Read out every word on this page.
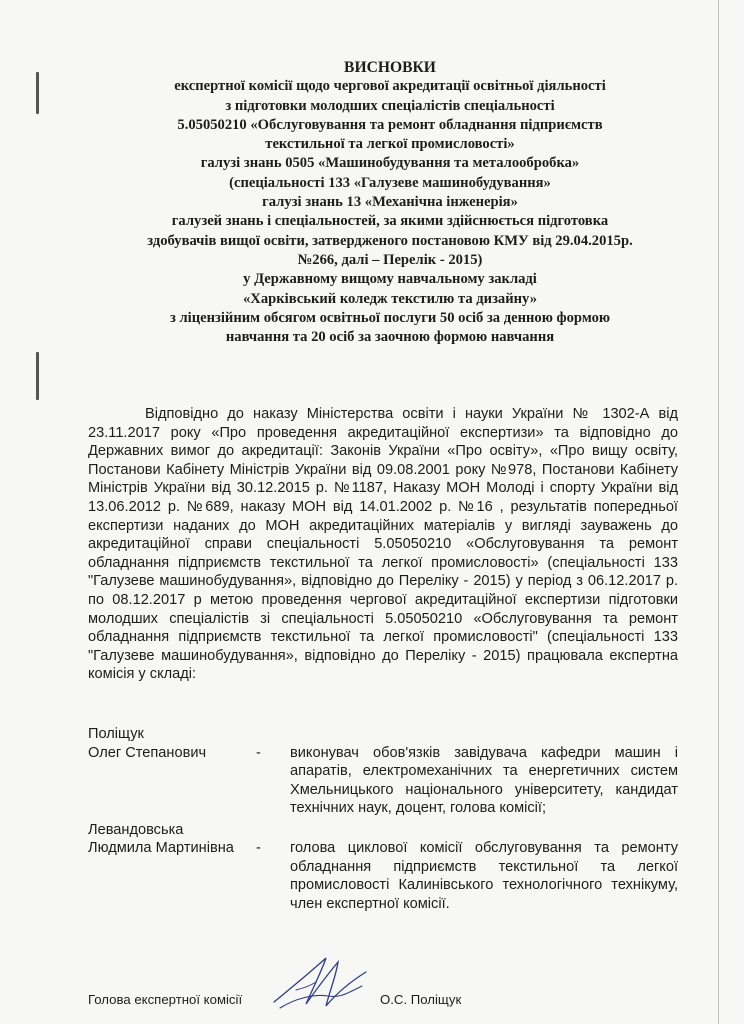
ВИСНОВКИ
експертної комісії щодо чергової акредитації освітньої діяльності
з підготовки молодших спеціалістів спеціальності
5.05050210 «Обслуговування та ремонт обладнання підприємств
текстильної та легкої промисловості»
галузі знань 0505 «Машинобудування та металообробка»
(спеціальності 133 «Галузеве машинобудування»
галузі знань 13 «Механічна інженерія»
галузей знань і спеціальностей, за якими здійснюється підготовка
здобувачів вищої освіти, затвердженого постановою КМУ від 29.04.2015р.
№266, далі – Перелік - 2015)
у Державному вищому навчальному закладі
«Харківський коледж текстилю та дизайну»
з ліцензійним обсягом освітньої послуги 50 осіб за денною формою
навчання та 20 осіб за заочною формою навчання

Відповідно до наказу Міністерства освіти і науки України № 1302-А від 23.11.2017 року «Про проведення акредитаційної експертизи» та відповідно до Державних вимог до акредитації: Законів України «Про освіту», «Про вищу освіту, Постанови Кабінету Міністрів України від 09.08.2001 року №978, Постанови Кабінету Міністрів України від 30.12.2015 р. №1187, Наказу МОН Молоді і спорту України від 13.06.2012 р. №689, наказу МОН від 14.01.2002 р. №16 , результатів попередньої експертизи наданих до МОН акредитаційних матеріалів у вигляді зауважень до акредитаційної справи спеціальності 5.05050210 «Обслуговування та ремонт обладнання підприємств текстильної та легкої промисловості» (спеціальності 133 "Галузеве машинобудування», відповідно до Переліку - 2015) у період з 06.12.2017 р. по 08.12.2017 р метою проведення чергової акредитаційної експертизи підготовки молодших спеціалістів зі спеціальності 5.05050210 «Обслуговування та ремонт обладнання підприємств текстильної та легкої промисловості" (спеціальності 133 "Галузеве машинобудування», відповідно до Переліку - 2015) працювала експертна комісія у складі:

Поліщук
Олег Степанович	- виконувач обов'язків завідувача кафедри машин і апаратів, електромеханічних та енергетичних систем Хмельницького національного університету, кандидат технічних наук, доцент, голова комісії;
Левандовська
Людмила Мартинівна - голова циклової комісії обслуговування та ремонту обладнання підприємств текстильної та легкої промисловості Калинівського технологічного технікуму, член експертної комісії.
Голова експертної комісії	О.С. Поліщук
